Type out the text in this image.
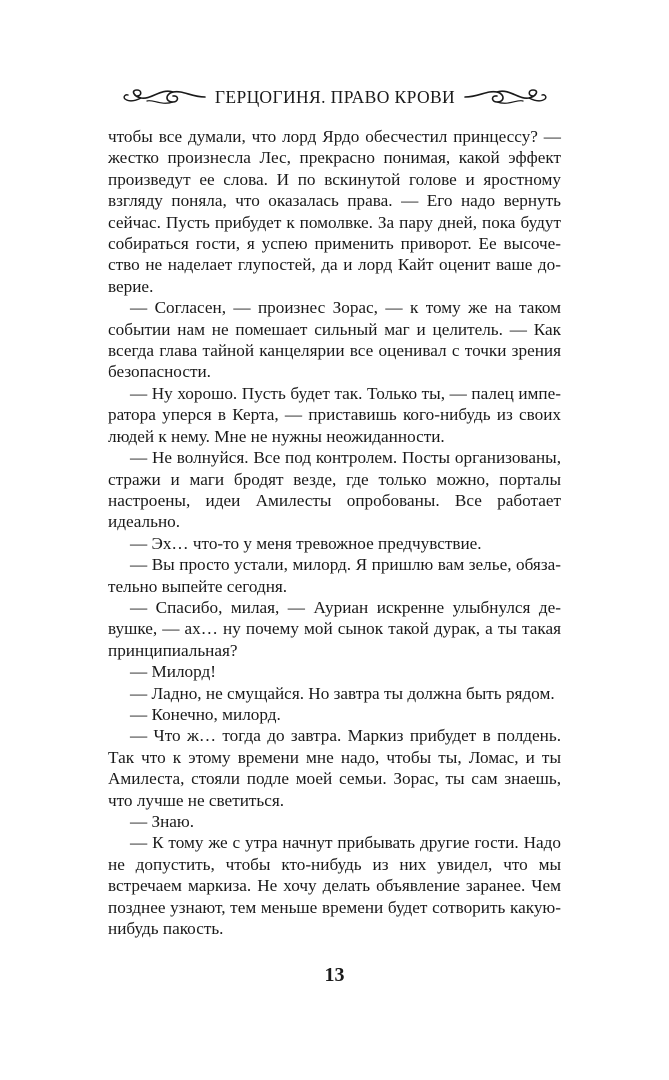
ГЕРЦОГИНЯ. ПРАВО КРОВИ

чтобы все думали, что лорд Ярдо обесчестил принцессу? — жестко произнесла Лес, прекрасно понимая, какой эффект произведут ее слова. И по вскинутой голове и яростному взгляду поняла, что оказалась права. — Его надо вернуть сейчас. Пусть прибудет к помолвке. За пару дней, пока будут собираться гости, я успею применить приворот. Ее высочество не наделает глупостей, да и лорд Кайт оценит ваше доверие.

— Согласен, — произнес Зорас, — к тому же на таком событии нам не помешает сильный маг и целитель. — Как всегда глава тайной канцелярии все оценивал с точки зрения безопасности.

— Ну хорошо. Пусть будет так. Только ты, — палец императора уперся в Керта, — приставишь кого-нибудь из своих людей к нему. Мне не нужны неожиданности.

— Не волнуйся. Все под контролем. Посты организованы, стражи и маги бродят везде, где только можно, порталы настроены, идеи Амилесты опробованы. Все работает идеально.

— Эх… что-то у меня тревожное предчувствие.

— Вы просто устали, милорд. Я пришлю вам зелье, обязательно выпейте сегодня.

— Спасибо, милая, — Ауриан искренне улыбнулся девушке, — ах… ну почему мой сынок такой дурак, а ты такая принципиальная?

— Милорд!

— Ладно, не смущайся. Но завтра ты должна быть рядом.

— Конечно, милорд.

— Что ж… тогда до завтра. Маркиз прибудет в полдень. Так что к этому времени мне надо, чтобы ты, Ломас, и ты Амилеста, стояли подле моей семьи. Зорас, ты сам знаешь, что лучше не светиться.

— Знаю.

— К тому же с утра начнут прибывать другие гости. Надо не допустить, чтобы кто-нибудь из них увидел, что мы встречаем маркиза. Не хочу делать объявление заранее. Чем позднее узнают, тем меньше времени будет сотворить какуюнибудь пакость.

13
